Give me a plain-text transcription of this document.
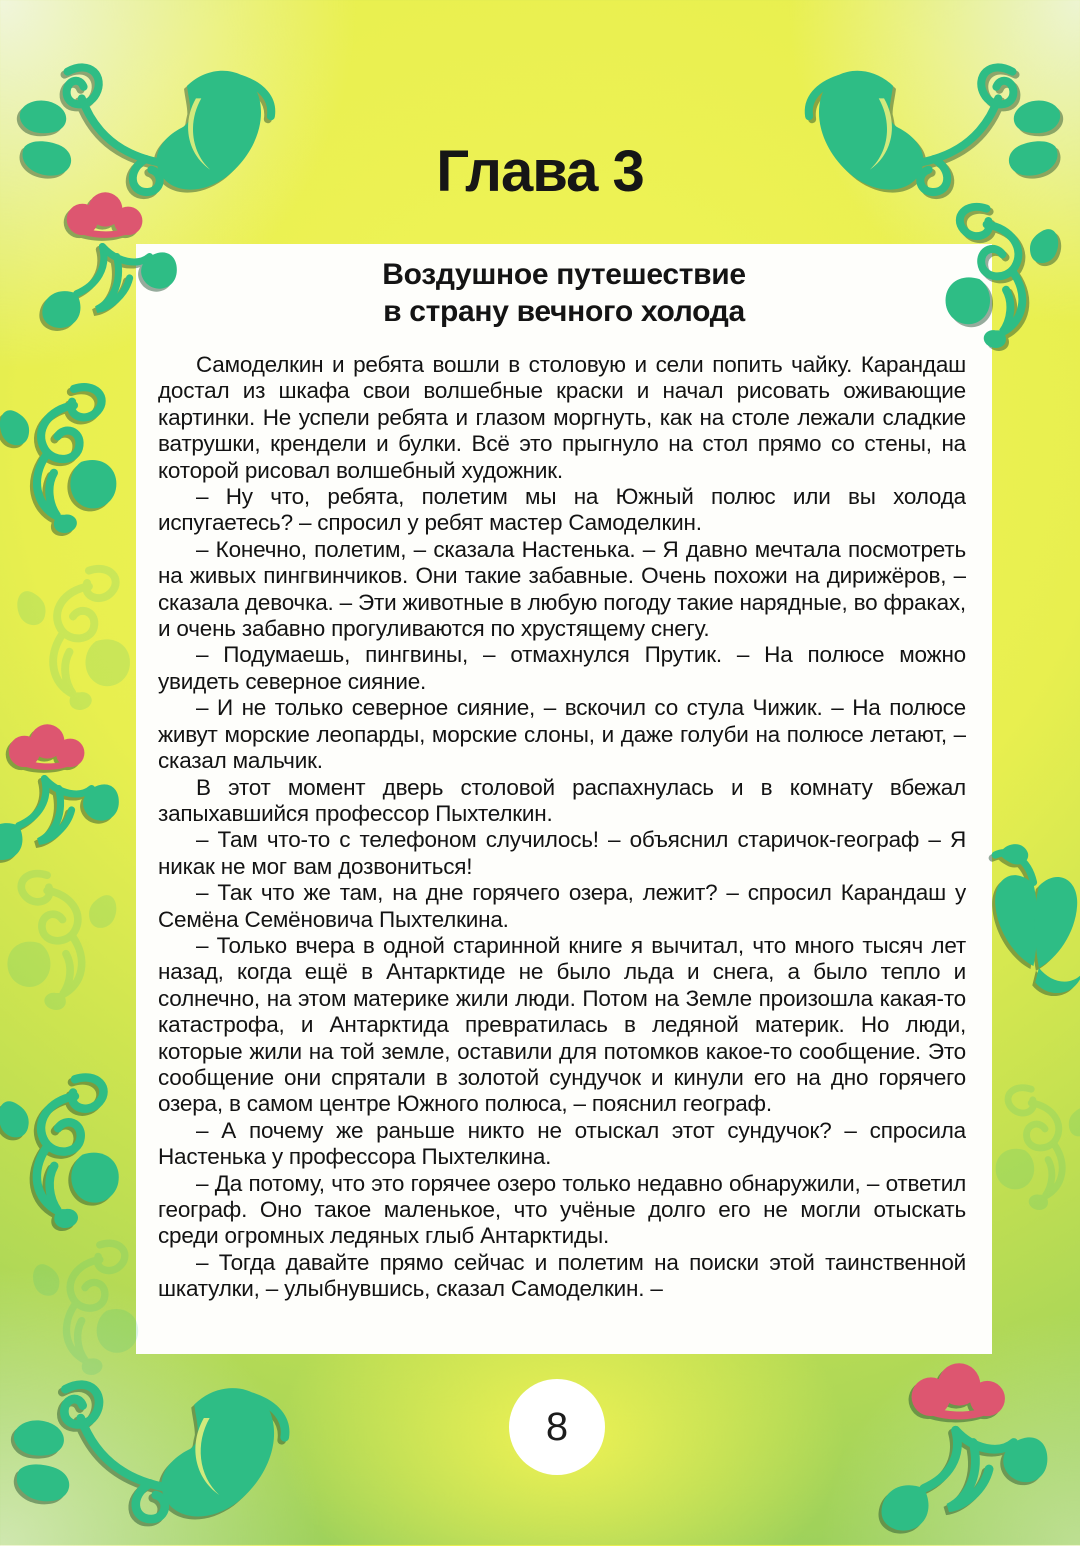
Глава 3
Воздушное путешествие
в страну вечного холода

Самоделкин и ребята вошли в столовую и сели попить чайку. Карандаш достал из шкафа свои волшебные краски и начал рисовать оживающие картинки. Не успели ребята и глазом моргнуть, как на столе лежали сладкие ватрушки, крендели и булки. Всё это прыгнуло на стол прямо со стены, на которой рисовал волшебный художник.

– Ну что, ребята, полетим мы на Южный полюс или вы холода испугаетесь? – спросил у ребят мастер Самоделкин.

– Конечно, полетим, – сказала Настенька. – Я давно мечтала посмотреть на живых пингвинчиков. Они такие забавные. Очень похожи на дирижёров, – сказала девочка. – Эти животные в любую погоду такие нарядные, во фраках, и очень забавно прогуливаются по хрустящему снегу.

– Подумаешь, пингвины, – отмахнулся Прутик. – На полюсе можно увидеть северное сияние.

– И не только северное сияние, – вскочил со стула Чижик. – На полюсе живут морские леопарды, морские слоны, и даже голуби на полюсе летают, – сказал мальчик.

В этот момент дверь столовой распахнулась и в комнату вбежал запыхавшийся профессор Пыхтелкин.

– Там что-то с телефоном случилось! – объяснил старичок-географ – Я никак не мог вам дозвониться!

– Так что же там, на дне горячего озера, лежит? – спросил Карандаш у Семёна Семёновича Пыхтелкина.

– Только вчера в одной старинной книге я вычитал, что много тысяч лет назад, когда ещё в Антарктиде не было льда и снега, а было тепло и солнечно, на этом материке жили люди. Потом на Земле произошла какая-то катастрофа, и Антарктида превратилась в ледяной материк. Но люди, которые жили на той земле, оставили для потомков какое-то сообщение. Это сообщение они спрятали в золотой сундучок и кинули его на дно горячего озера, в самом центре Южного полюса, – пояснил географ.

– А почему же раньше никто не отыскал этот сундучок? – спросила Настенька у профессора Пыхтелкина.

– Да потому, что это горячее озеро только недавно обнаружили, – ответил географ. Оно такое маленькое, что учёные долго его не могли отыскать среди огромных ледяных глыб Антарктиды.

– Тогда давайте прямо сейчас и полетим на поиски этой таинственной шкатулки, – улыбнувшись, сказал Самоделкин. –

8
